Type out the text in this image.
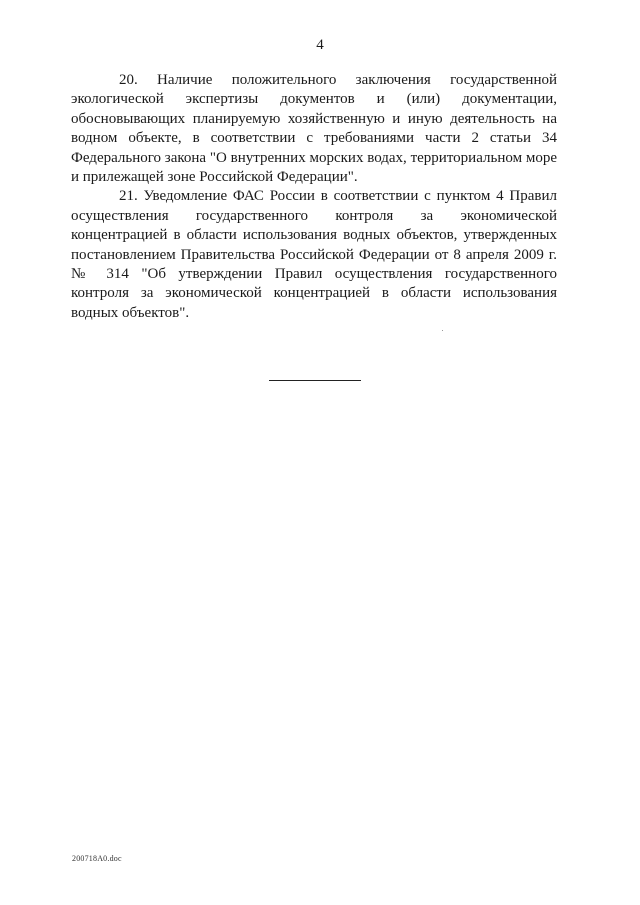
4

20. Наличие положительного заключения государственной экологической экспертизы документов и (или) документации, обосновывающих планируемую хозяйственную и иную деятельность на водном объекте, в соответствии с требованиями части 2 статьи 34 Федерального закона "О внутренних морских водах, территориальном море и прилежащей зоне Российской Федерации".

21. Уведомление ФАС России в соответствии с пунктом 4 Правил осуществления государственного контроля за экономической концентрацией в области использования водных объектов, утвержденных постановлением Правительства Российской Федерации от 8 апреля 2009 г. № 314 "Об утверждении Правил осуществления государственного контроля за экономической концентрацией в области использования водных объектов".

200718A0.doc
